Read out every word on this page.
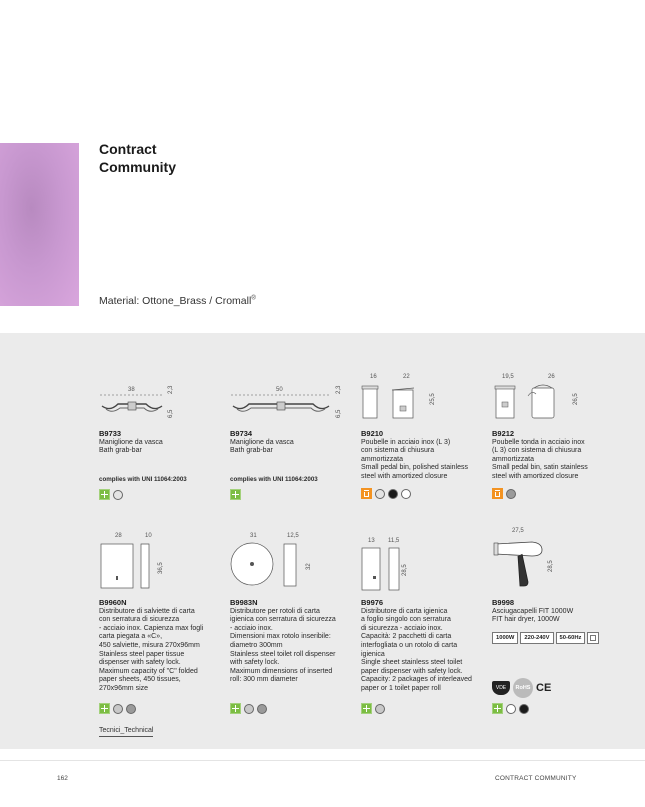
Contract
Community
Material: Ottone_Brass / Cromall®
38	2,3
6,5
B9733
Maniglione da vasca
Bath grab-bar
complies with UNI 11064:2003
50	2,3
6,5
B9734
Maniglione da vasca
Bath grab-bar
complies with UNI 11064:2003
16	22
25,5
B9210
Poubelle in acciaio inox (L 3)
con sistema di chiusura
ammortizzata
Small pedal bin, polished stainless
steel with amortized closure
19,5	26
26,5
B9212
Poubelle tonda in acciaio inox
(L 3) con sistema di chiusura
ammortizzata
Small pedal bin, satin stainless
steel with amortized closure
28	10
36,5
B9960N
Distributore di salviette di carta
con serratura di sicurezza
- acciaio inox. Capienza max fogli
carta piegata a «C»,
450 salviette, misura 270x96mm
Stainless steel paper tissue
dispenser with safety lock.
Maximum capacity of "C" folded
paper sheets, 450 tissues,
270x96mm size
31	12,5
32
B9983N
Distributore per rotoli di carta
igienica con serratura di sicurezza
- acciaio inox.
Dimensioni max rotolo inseribile:
diametro 300mm
Stainless steel toilet roll dispenser
with safety lock.
Maximum dimensions of inserted
roll: 300 mm diameter
13 11,5
28,5
B9976
Distributore di carta igienica
a foglio singolo con serratura
di sicurezza - acciaio inox.
Capacità: 2 pacchetti di carta
interfogliata o un rotolo di carta
igienica
Single sheet stainless steel toilet
paper dispenser with safety lock.
Capacity: 2 packages of interleaved
paper or 1 toilet paper roll
27,5
28,5
B9998
Asciugacapelli FIT 1000W
FIT hair dryer, 1000W
1000W	220-240V	50-60Hz
VDE	RoHS CE
Tecnici_Technical
162	CONTRACT COMMUNITY
